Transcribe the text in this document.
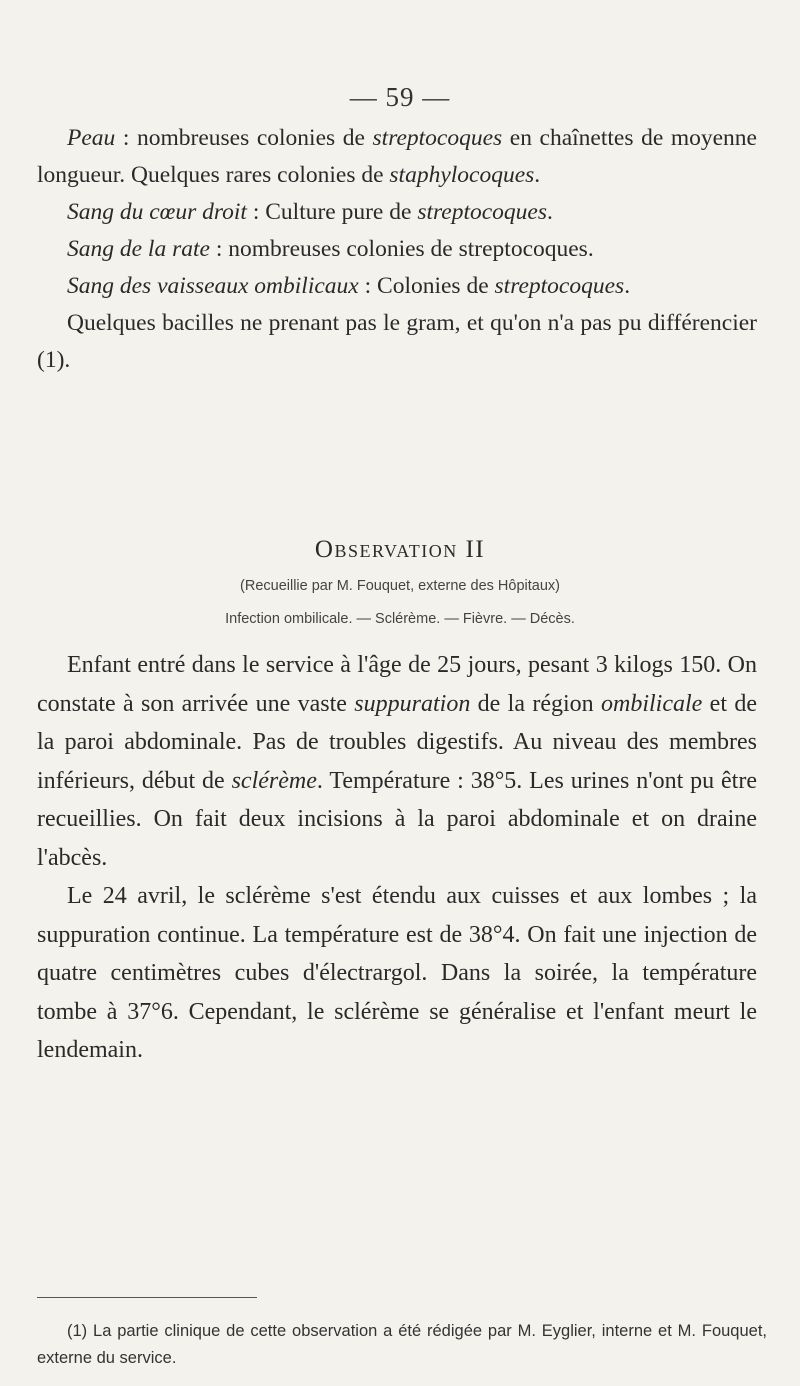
— 59 —

Peau : nombreuses colonies de streptocoques en chaînettes de moyenne longueur. Quelques rares colonies de staphylocoques.

Sang du cœur droit : Culture pure de streptocoques.

Sang de la rate : nombreuses colonies de streptocoques.

Sang des vaisseaux ombilicaux : Colonies de streptocoques.

Quelques bacilles ne prenant pas le gram, et qu'on n'a pas pu différencier (1).

Observation II
(Recueillie par M. Fouquet, externe des Hôpitaux)
Infection ombilicale. — Sclérème. — Fièvre. — Décès.

Enfant entré dans le service à l'âge de 25 jours, pesant 3 kilogs 150. On constate à son arrivée une vaste suppuration de la région ombilicale et de la paroi abdominale. Pas de troubles digestifs. Au niveau des membres inférieurs, début de sclérème. Température : 38°5. Les urines n'ont pu être recueillies. On fait deux incisions à la paroi abdominale et on draine l'abcès.

Le 24 avril, le sclérème s'est étendu aux cuisses et aux lombes ; la suppuration continue. La température est de 38°4. On fait une injection de quatre centimètres cubes d'électrargol. Dans la soirée, la température tombe à 37°6. Cependant, le sclérème se généralise et l'enfant meurt le lendemain.

(1) La partie clinique de cette observation a été rédigée par M. Eyglier, interne et M. Fouquet, externe du service.
